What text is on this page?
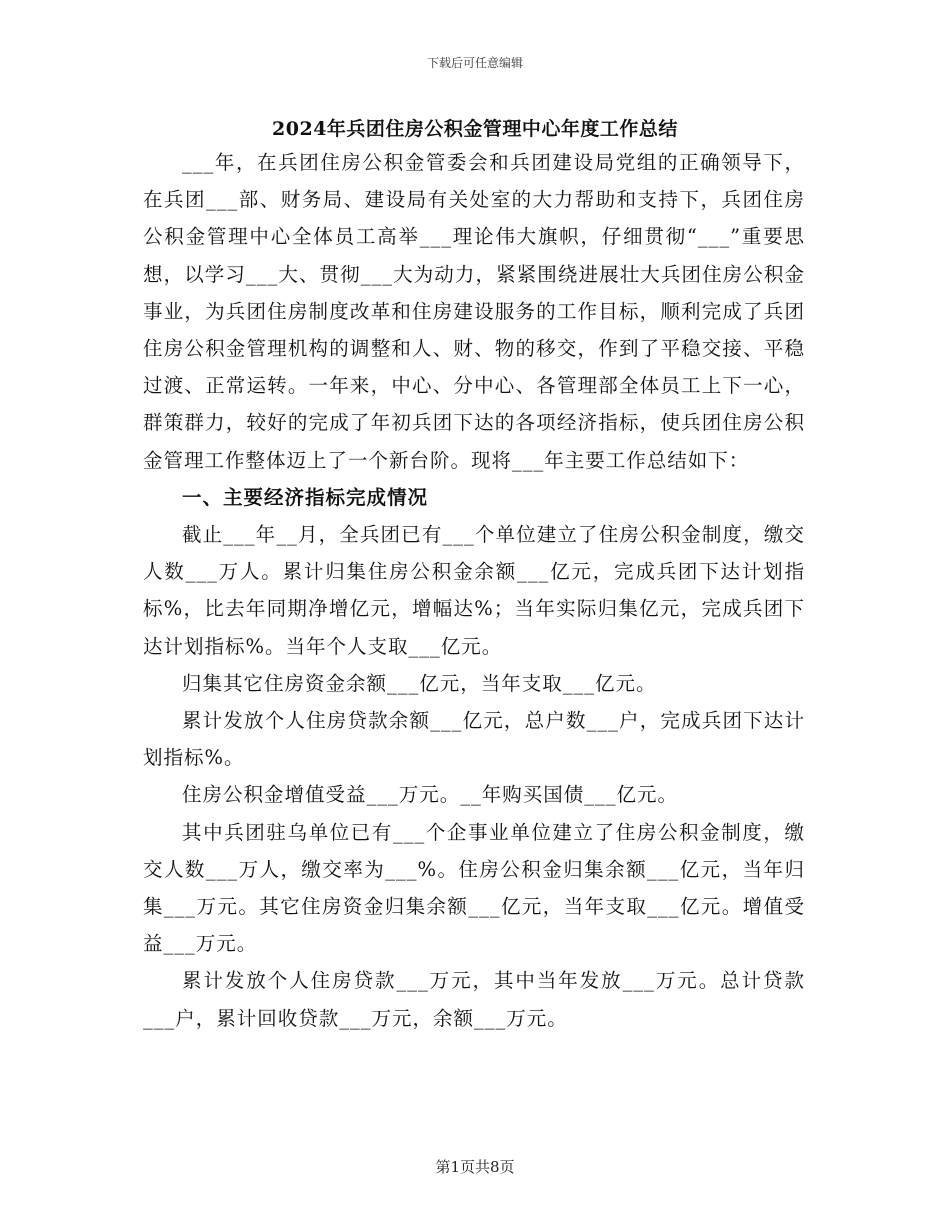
下载后可任意编辑
2024年兵团住房公积金管理中心年度工作总结

___年，在兵团住房公积金管委会和兵团建设局党组的正确领导下，在兵团___部、财务局、建设局有关处室的大力帮助和支持下，兵团住房公积金管理中心全体员工高举___理论伟大旗帜，仔细贯彻“___”重要思想，以学习___大、贯彻___大为动力，紧紧围绕进展壮大兵团住房公积金事业，为兵团住房制度改革和住房建设服务的工作目标，顺利完成了兵团住房公积金管理机构的调整和人、财、物的移交，作到了平稳交接、平稳过渡、正常运转。一年来，中心、分中心、各管理部全体员工上下一心，群策群力，较好的完成了年初兵团下达的各项经济指标，使兵团住房公积金管理工作整体迈上了一个新台阶。现将___年主要工作总结如下：

一、主要经济指标完成情况

截止___年__月，全兵团已有___个单位建立了住房公积金制度，缴交人数___万人。累计归集住房公积金余额___亿元，完成兵团下达计划指标%，比去年同期净增亿元，增幅达%；当年实际归集亿元，完成兵团下达计划指标%。当年个人支取___亿元。

归集其它住房资金余额___亿元，当年支取___亿元。

累计发放个人住房贷款余额___亿元，总户数___户，完成兵团下达计划指标%。

住房公积金增值受益___万元。__年购买国债___亿元。

其中兵团驻乌单位已有___个企事业单位建立了住房公积金制度，缴交人数___万人，缴交率为___%。住房公积金归集余额___亿元，当年归集___万元。其它住房资金归集余额___亿元，当年支取___亿元。增值受益___万元。

累计发放个人住房贷款___万元，其中当年发放___万元。总计贷款___户，累计回收贷款___万元，余额___万元。

第1页共8页
